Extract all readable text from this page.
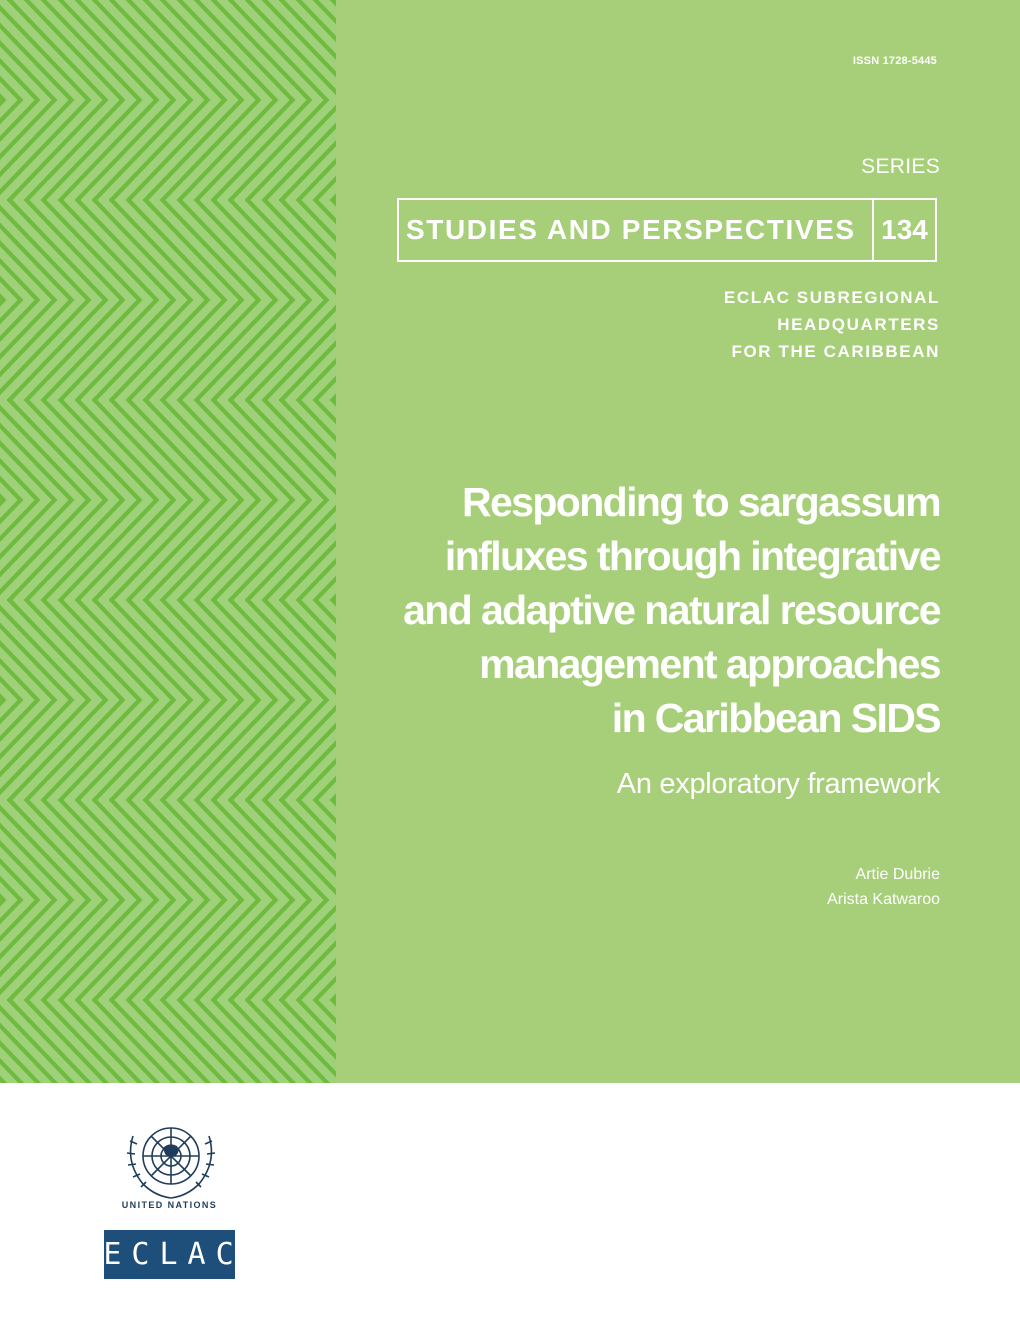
ISSN 1728-5445
SERIES
STUDIES AND PERSPECTIVES 134
ECLAC SUBREGIONAL
HEADQUARTERS
FOR THE CARIBBEAN
Responding to sargassum
influxes through integrative
and adaptive natural resource
management approaches
in Caribbean SIDS
An exploratory framework
Artie Dubrie
Arista Katwaroo
UNITED NATIONS
ECLAC
